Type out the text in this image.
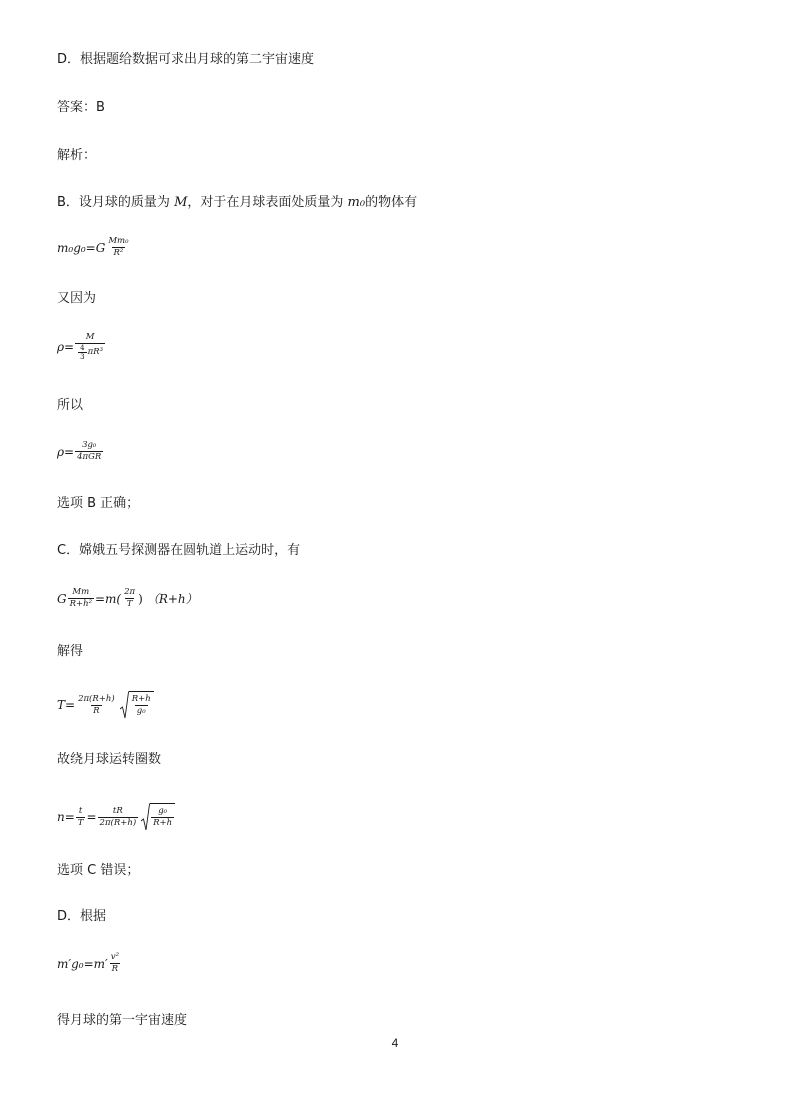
D．根据题给数据可求出月球的第二宇宙速度
答案：B
解析：
B．设月球的质量为 M，对于在月球表面处质量为 m₀的物体有
$m_0g_0=G \frac{\text{Mm₀}}{\text{R²}}$
又因为
$\rho= \frac{M}{\frac{4}{3} \pi R^3}$
所以
$\rho= \frac{\text{3g₀}}{\text{4πGR}}$
选项 B 正确；
C．嫦娥五号探测器在圆轨道上运动时，有
G $\frac{Mm}{\text{R+h²}} =m( \frac{2\pi}{T}$ ) （R+h）
解得
$T= \frac{2\pi(R+h)}{R} \frac{R+h}{\text{g₀}}$
故绕月球运转圈数
$n= \frac{t}{T} = \frac{tR}{2\pi(R+h)} \frac{\text{g₀}}{R+h}$
选项 C 错误；
D．根据
$m'g_0=m' \frac{\text{v²}}{R}$
得月球的第一宇宙速度
4
